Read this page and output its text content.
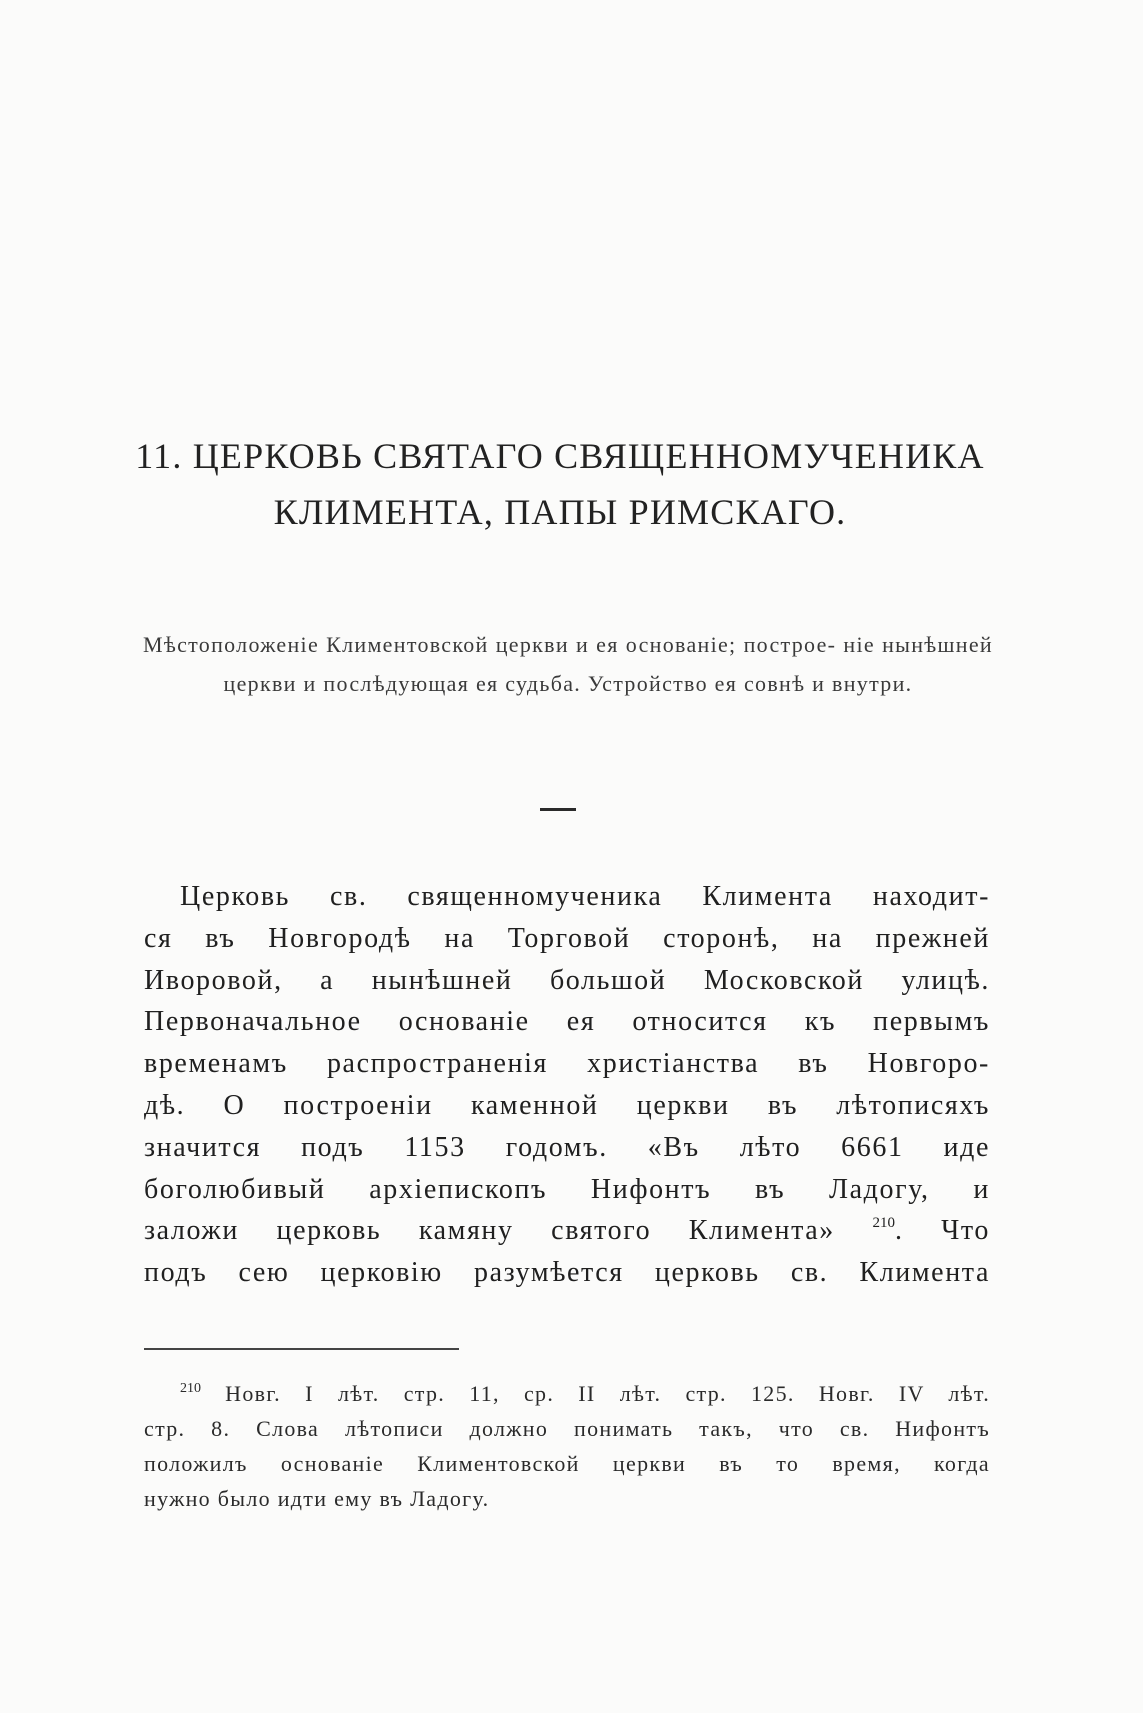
11. ЦЕРКОВЬ СВЯТАГО СВЯЩЕННОМУЧЕНИКА
КЛИМЕНТА, ПАПЫ РИМСКАГО.
Мѣстоположеніе Климентовской церкви и ея основаніе; построе- ніе нынѣшней церкви и послѣдующая ея судьба. Устройство ея совнѣ и внутри.
Церковь св. священномученика Климента находит-
ся въ Новгородѣ на Торговой сторонѣ, на прежней
Иворовой, а нынѣшней большой Московской улицѣ.
Первоначальное основаніе ея относится къ первымъ
временамъ распространенія христіанства въ Новгоро-
дѣ. О построеніи каменной церкви въ лѣтописяхъ
значится подъ 1153 годомъ. «Въ лѣто 6661 иде
боголюбивый архіепископъ Нифонтъ въ Ладогу, и
заложи церковь камяну святого Климента»	$^{210}$. Что
подъ сею церковію разумѣется церковь св. Климента
$^{210}$ Новг. I лѣт. стр. 11, ср. II лѣт. стр. 125. Новг. IV лѣт.
стр. 8. Слова лѣтописи должно понимать такъ, что св. Нифонтъ
положилъ основаніе Климентовской церкви въ то время, когда
нужно было идти ему въ Ладогу.
